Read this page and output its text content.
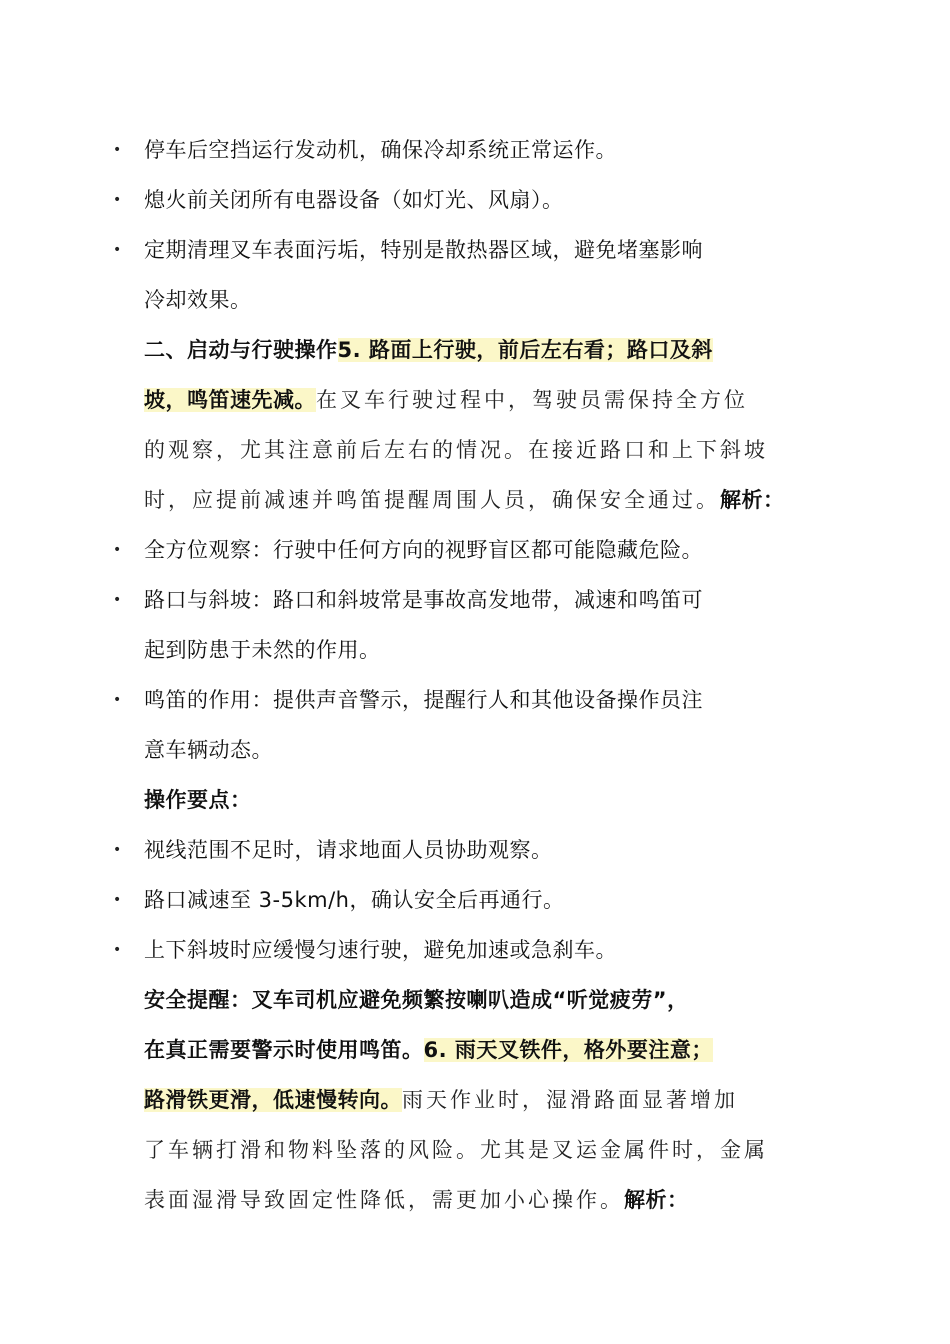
• 停车后空挡运行发动机，确保冷却系统正常运作。
• 熄火前关闭所有电器设备（如灯光、风扇）。
• 定期清理叉车表面污垢，特别是散热器区域，避免堵塞影响
冷却效果。
二、启动与行驶操作5. 路面上行驶，前后左右看；路口及斜
坡，鸣笛速先减。在叉车行驶过程中，驾驶员需保持全方位
的观察，尤其注意前后左右的情况。在接近路口和上下斜坡
时，应提前减速并鸣笛提醒周围人员，确保安全通过。解析：
• 全方位观察：行驶中任何方向的视野盲区都可能隐藏危险。
• 路口与斜坡：路口和斜坡常是事故高发地带，减速和鸣笛可
起到防患于未然的作用。
• 鸣笛的作用：提供声音警示，提醒行人和其他设备操作员注
意车辆动态。
操作要点：
• 视线范围不足时，请求地面人员协助观察。
• 路口减速至 3-5km/h，确认安全后再通行。
• 上下斜坡时应缓慢匀速行驶，避免加速或急刹车。
安全提醒：叉车司机应避免频繁按喇叭造成“听觉疲劳”，
在真正需要警示时使用鸣笛。6. 雨天叉铁件，格外要注意；
路滑铁更滑，低速慢转向。雨天作业时，湿滑路面显著增加
了车辆打滑和物料坠落的风险。尤其是叉运金属件时，金属
表面湿滑导致固定性降低，需更加小心操作。解析：
